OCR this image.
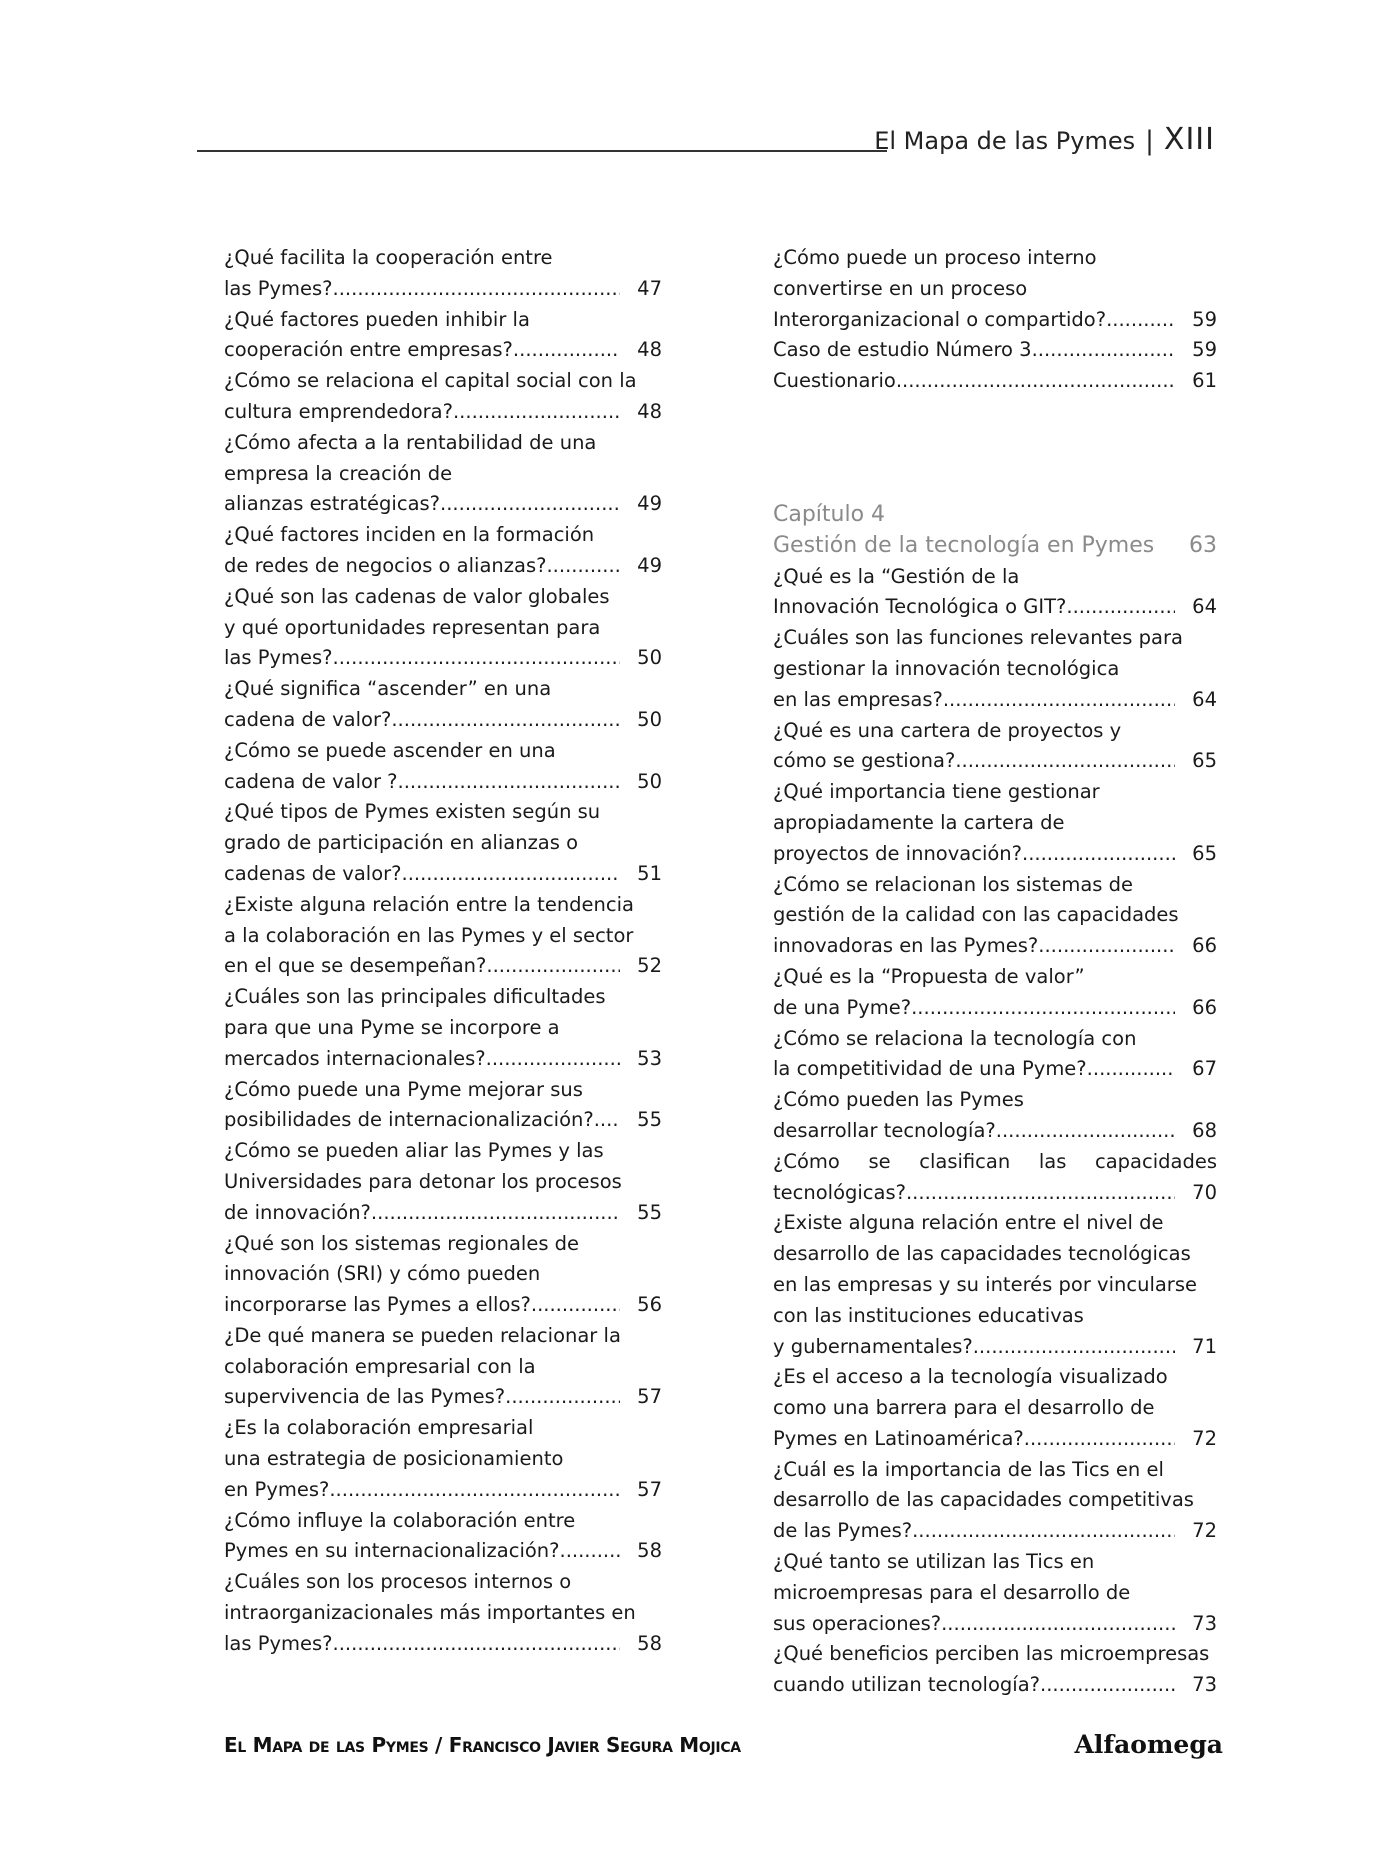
El Mapa de las Pymes | XIII
¿Qué facilita la cooperación entre
las Pymes? .....	47
¿Qué factores pueden inhibir la
cooperación entre empresas? .....	48
¿Cómo se relaciona el capital social con la
cultura emprendedora? .....	48
¿Cómo afecta a la rentabilidad de una
empresa la creación de
alianzas estratégicas? .....	49
¿Qué factores inciden en la formación
de redes de negocios o alianzas? .....	49
¿Qué son las cadenas de valor globales
y qué oportunidades representan para
las Pymes? .....	50
¿Qué significa “ascender” en una
cadena de valor? .....	50
¿Cómo se puede ascender en una
cadena de valor ? .....	50
¿Qué tipos de Pymes existen según su
grado de participación en alianzas o
cadenas de valor? .....	51
¿Existe alguna relación entre la tendencia
a la colaboración en las Pymes y el sector
en el que se desempeñan? .....	52
¿Cuáles son las principales dificultades
para que una Pyme se incorpore a
mercados internacionales? .....	53
¿Cómo puede una Pyme mejorar sus
posibilidades de internacionalización? .....	55
¿Cómo se pueden aliar las Pymes y las
Universidades para detonar los procesos
de innovación? .....	55
¿Qué son los sistemas regionales de
innovación (SRI) y cómo pueden
incorporarse las Pymes a ellos? .....	56
¿De qué manera se pueden relacionar la
colaboración empresarial con la
supervivencia de las Pymes? .....	57
¿Es la colaboración empresarial
una estrategia de posicionamiento
en Pymes? .....	57
¿Cómo influye la colaboración entre
Pymes en su internacionalización? .....	58
¿Cuáles son los procesos internos o
intraorganizacionales más importantes en
las Pymes? .....	58
¿Cómo puede un proceso interno
convertirse en un proceso
Interorganizacional o compartido? .....	59
Caso de estudio Número 3 .....	59
Cuestionario .....	61
Capítulo 4
Gestión de la tecnología en Pymes	63
¿Qué es la “Gestión de la
Innovación Tecnológica o GIT? .....	64
¿Cuáles son las funciones relevantes para
gestionar la innovación tecnológica
en las empresas? .....	64
¿Qué es una cartera de proyectos y
cómo se gestiona? .....	65
¿Qué importancia tiene gestionar
apropiadamente la cartera de
proyectos de innovación? .....	65
¿Cómo se relacionan los sistemas de
gestión de la calidad con las capacidades
innovadoras en las Pymes? .....	66
¿Qué es la “Propuesta de valor”
de una Pyme? .....	66
¿Cómo se relaciona la tecnología con
la competitividad de una Pyme? .....	67
¿Cómo pueden las Pymes
desarrollar tecnología? .....	68
¿Cómo se clasifican las capacidades
tecnológicas? .....	70
¿Existe alguna relación entre el nivel de
desarrollo de las capacidades tecnológicas
en las empresas y su interés por vincularse
con las instituciones educativas
y gubernamentales? .....	71
¿Es el acceso a la tecnología visualizado
como una barrera para el desarrollo de
Pymes en Latinoamérica? .....	72
¿Cuál es la importancia de las Tics en el
desarrollo de las capacidades competitivas
de las Pymes? .....	72
¿Qué tanto se utilizan las Tics en
microempresas para el desarrollo de
sus operaciones? .....	73
¿Qué beneficios perciben las microempresas
cuando utilizan tecnología? .....	73
El Mapa de las Pymes / Francisco Javier Segura Mojica	Alfaomega
